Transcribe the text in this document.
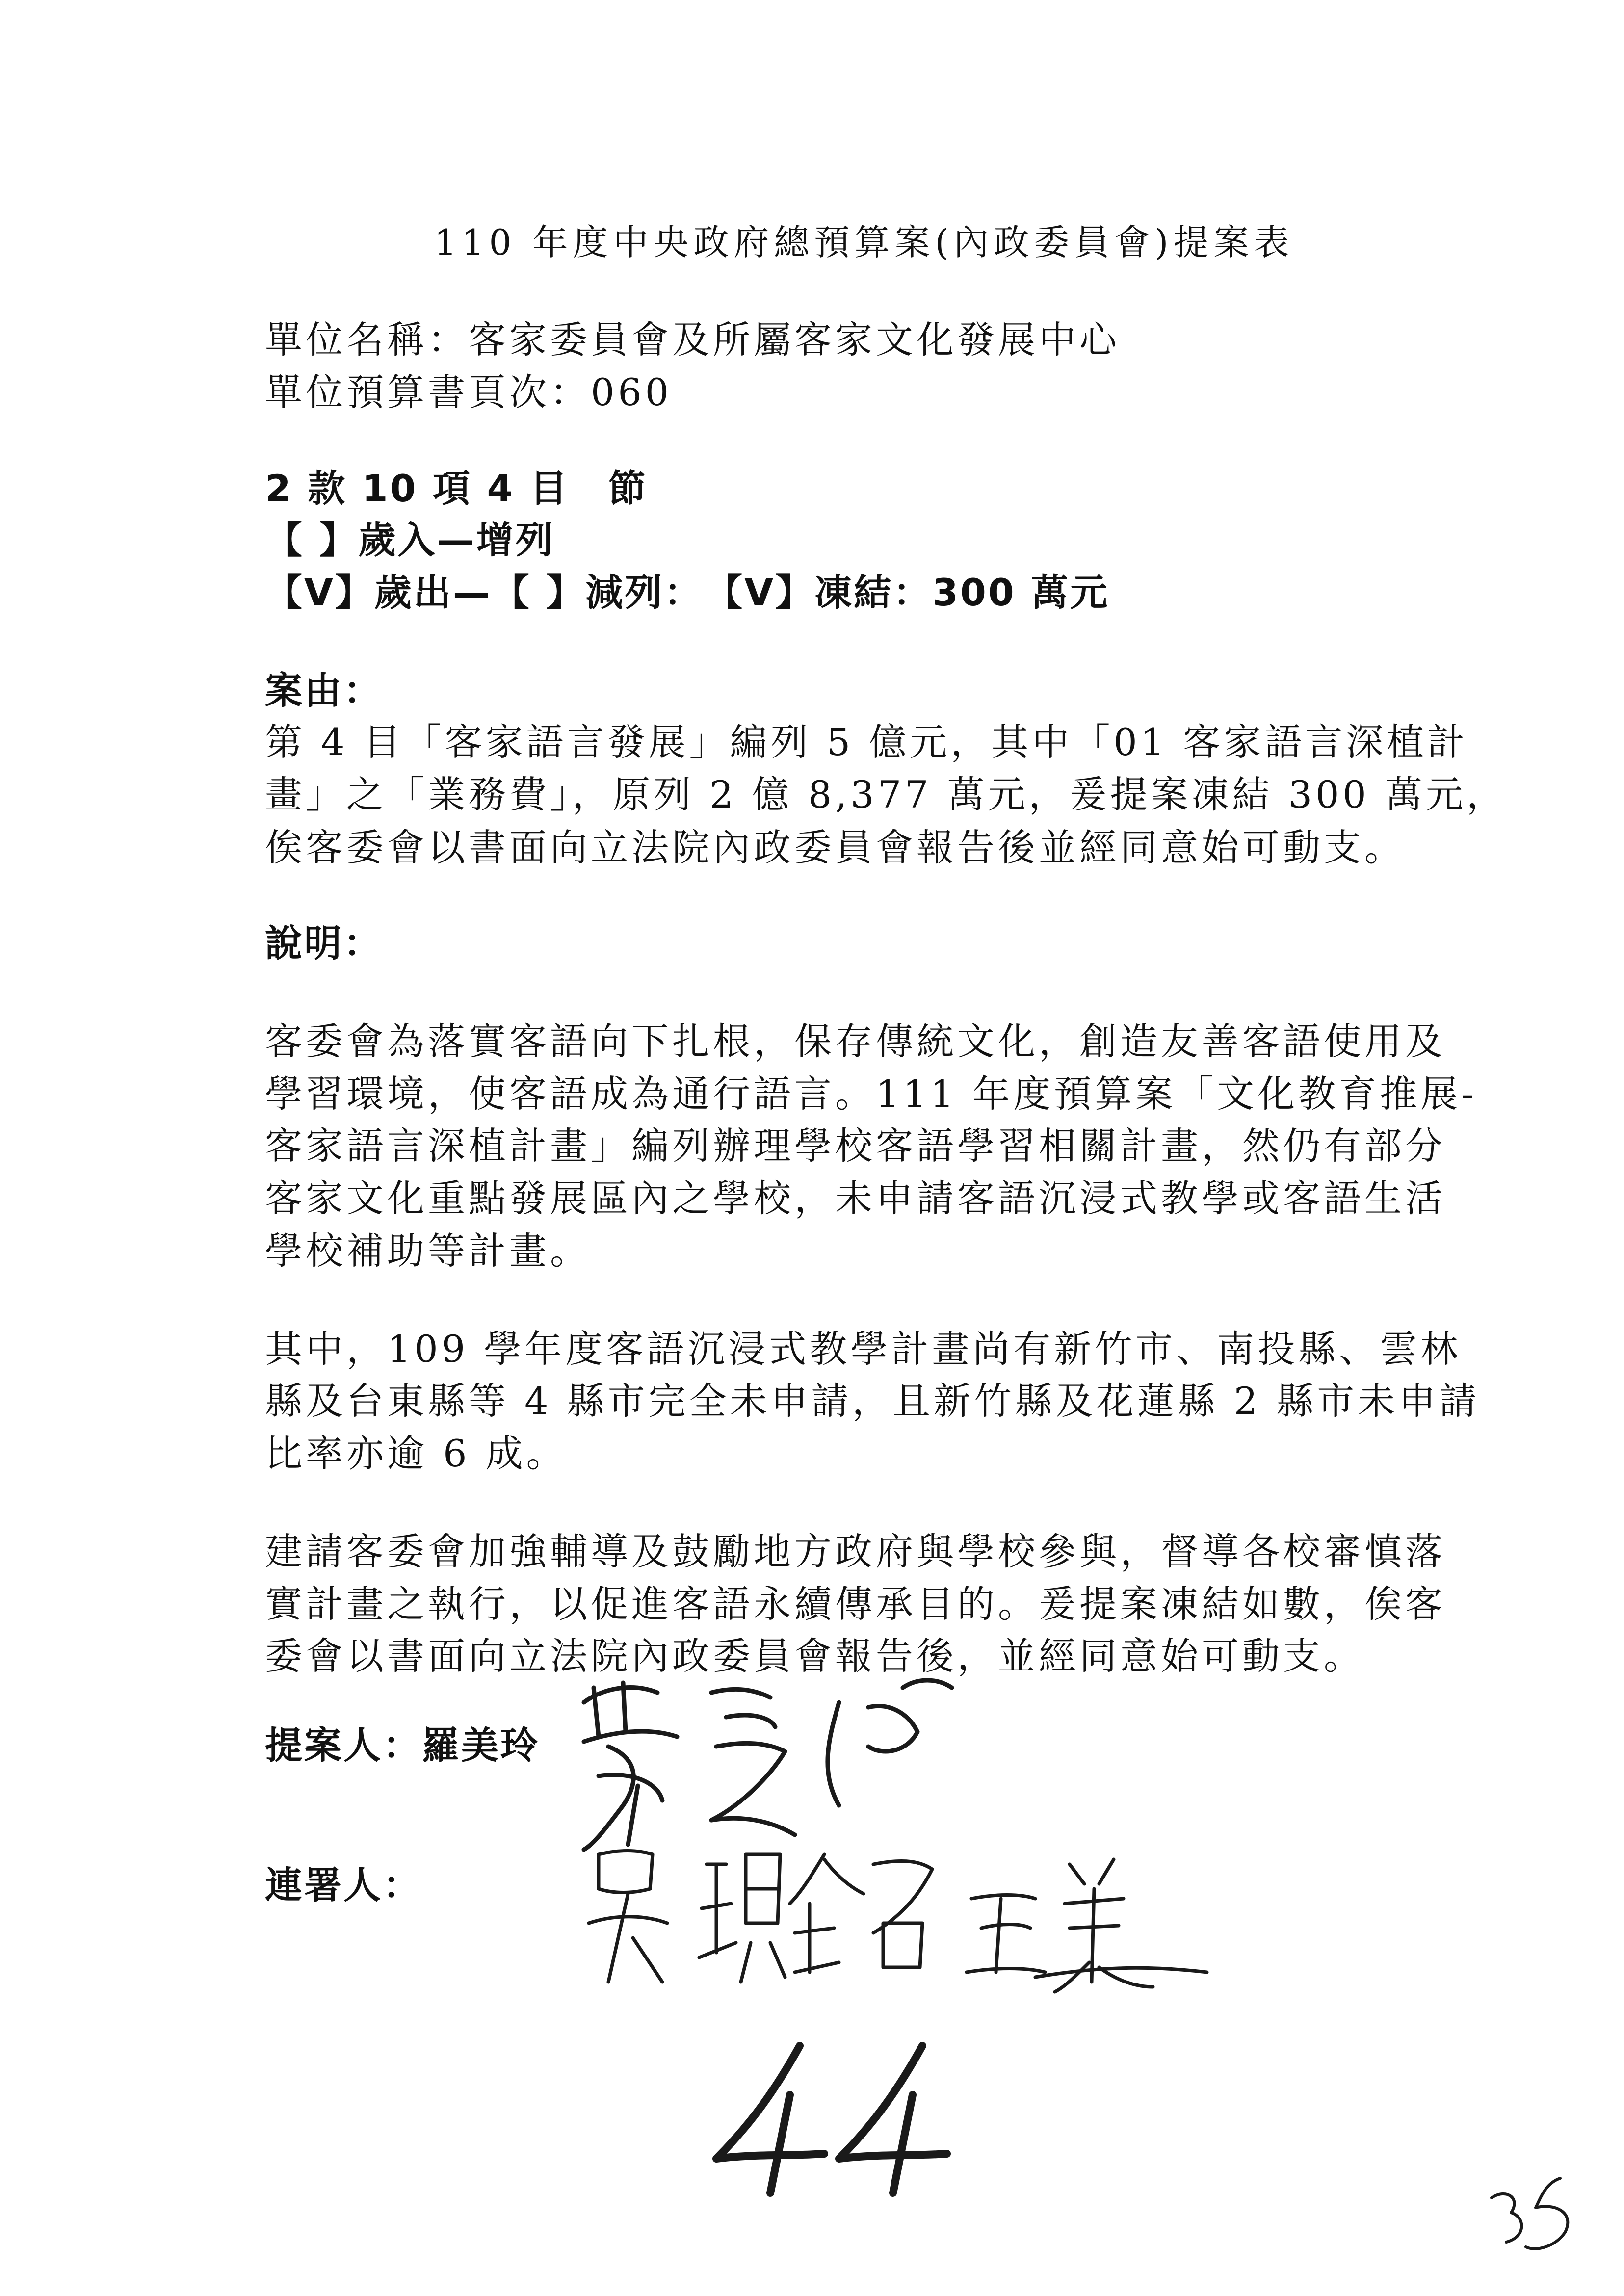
110 年度中央政府總預算案(內政委員會)提案表
單位名稱：客家委員會及所屬客家文化發展中心
單位預算書頁次：060
2 款 10 項 4 目　節
【 】歲入—增列
【V】歲出—【 】減列：　【V】凍結：300 萬元
案由：
第 4 目「客家語言發展」編列 5 億元，其中「01 客家語言深植計
畫」之「業務費」，原列 2 億 8,377 萬元，爰提案凍結 300 萬元，
俟客委會以書面向立法院內政委員會報告後並經同意始可動支。
說明：
客委會為落實客語向下扎根，保存傳統文化，創造友善客語使用及
學習環境，使客語成為通行語言。111 年度預算案「文化教育推展-
客家語言深植計畫」編列辦理學校客語學習相關計畫，然仍有部分
客家文化重點發展區內之學校，未申請客語沉浸式教學或客語生活
學校補助等計畫。
其中，109 學年度客語沉浸式教學計畫尚有新竹市、南投縣、雲林
縣及台東縣等 4 縣市完全未申請，且新竹縣及花蓮縣 2 縣市未申請
比率亦逾 6 成。
建請客委會加強輔導及鼓勵地方政府與學校參與，督導各校審慎落
實計畫之執行，以促進客語永續傳承目的。爰提案凍結如數，俟客
委會以書面向立法院內政委員會報告後，並經同意始可動支。
提案人：羅美玲
連署人：
